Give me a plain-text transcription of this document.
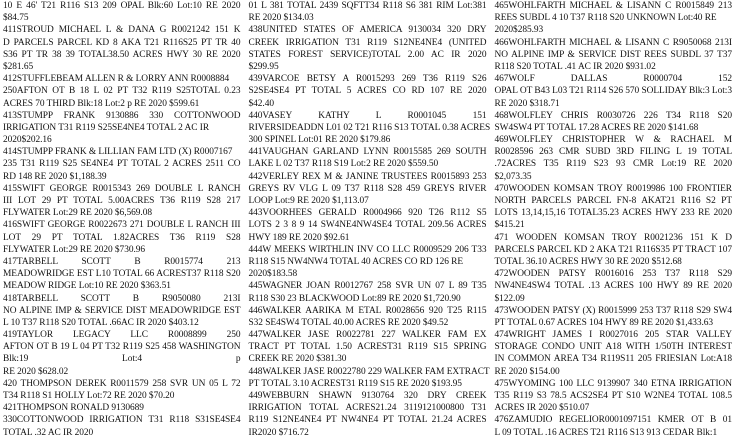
10 E 46' T21 R116 S13 209 OPAL Blk:60 Lot:10 RE 2020
$84.75
411STROUD MICHAEL L & DANA G R0021242 151 K
D PARCELS PARCEL KD 8 AKA T21 R116S25 PT TR 40
S36 PT TR 38 39 TOTAL38.50 ACRES HWY 30 RE 2020
$281.65
412STUFFLEBEAM ALLEN R & LORRY ANN R0008884
250AFTON OT B 18 L 02 PT T32 R119 S25TOTAL 0.23
ACRES 70 THIRD Blk:18 Lot:2 p RE 2020 $599.61
413STUMPP FRANK 9130886 330 COTTONWOOD
IRRIGATION T31 R119 S25SE4NE4 TOTAL 2 AC IR
2020$202.16
414STUMPP FRANK & LILLIAN FAM LTD (X) R0007167
235 T31 R119 S25 SE4NE4 PT TOTAL 2 ACRES 2511 CO
RD 148 RE 2020 $1,188.39
415SWIFT GEORGE R0015343 269 DOUBLE L RANCH
III LOT 29 PT TOTAL 5.00ACRES T36 R119 S28 217
FLYWATER Lot:29 RE 2020 $6,569.08
416SWIFT GEORGE R0022673 271 DOUBLE L RANCH III
LOT 29 PT TOTAL 1.82ACRES T36 R119 S28
FLYWATER Lot:29 RE 2020 $730.96
417TARBELL SCOTT B R0015774 213
MEADOWRIDGE EST L10 TOTAL 66 ACREST37 R118 S20
MEADOW RIDGE Lot:10 RE 2020 $363.51
418TARBELL SCOTT B R9050080 213I
NO ALPINE IMP & SERVICE DIST MEADOWRIDGE EST
L 10 T37 R118 S20 TOTAL .66AC IR 2020 $403.12
419TAYLOR LEGACY LLC R0008899 250
AFTON OT B 19 L 04 PT T32 R119 S25 458 WASHINGTON
Blk:19 Lot:4 p
RE 2020 $628.02
420 THOMPSON DEREK R0011579 258 SVR UN 05 L 72
T34 R118 S1 HOLLY Lot:72 RE 2020 $70.20
421THOMPSON RONALD 9130689
330COTTONWOOD IRRIGATION T31 R118 S31SE4SE4
TOTAL .32 AC IR 2020
01 L 381 TOTAL 2439 SQFTT34 R118 S6 381 RIM Lot:381
RE 2020 $134.03
438UNITED STATES OF AMERICA 9130034 320 DRY
CREEK IRRIGATION T31 R119 S12NE4NE4 (UNITED
STATES FOREST SERVICE)TOTAL 2.00 AC IR 2020
$299.95
439VARCOE BETSY A R0015293 269 T36 R119 S26
S2SE4SE4 PT TOTAL 5 ACRES CO RD 107 RE 2020
$42.40
440VASEY KATHY L R0001045 151
RIVERSIDEADDN L01 02 T21 R116 S13 TOTAL 0.38 ACRES
300 SPINEL Lot:01 RE 2020 $179.86
441VAUGHAN GARLAND LYNN R0015585 269 SOUTH
LAKE L 02 T37 R118 S19 Lot:2 RE 2020 $559.50
442VERLEY REX M & JANINE TRUSTEES R0015893 253
GREYS RV VLG L 09 T37 R118 S28 459 GREYS RIVER
LOOP Lot:9 RE 2020 $1,113.07
443VOORHEES GERALD R0004966 920 T26 R112 S5
LOTS 2 3 8 9 14 SW4NE4NW4SE4 TOTAL 209.56 ACRES
HWY 189 RE 2020 $92.61
444W MEEKS WIRTHLIN INV CO LLC R0009529 206 T33
R118 S15 NW4NW4 TOTAL 40 ACRES CO RD 126 RE
2020$183.58
445WAGNER JOAN R0012767 258 SVR UN 07 L 89 T35
R118 S30 23 BLACKWOOD Lot:89 RE 2020 $1,720.90
446WALKER AARIKA M ETAL R0028656 920 T25 R115
S32 SE4SW4 TOTAL 40.00 ACRES RE 2020 $49.52
447WALKER JASE R0022781 227 WALKER FAM EX
TRACT PT TOTAL 1.50 ACREST31 R119 S15 SPRING
CREEK RE 2020 $381.30
448WALKER JASE R0022780 229 WALKER FAM EXTRACT
PT TOTAL 3.10 ACREST31 R119 S15 RE 2020 $193.95
449WEBBURN SHAWN 9130764 320 DRY CREEK
IRRIGATION TOTAL ACRES21.24 3119121000800 T31
R119 S12NE4NE4 PT NW4NE4 PT TOTAL 21.24 ACRES
IR2020 $716.72
465WOHLFARTH MICHAEL & LISANN C R0015849 213
REES SUBDL 4 10 T37 R118 S20 UNKNOWN Lot:40 RE
2020$285.93
466WOHLFARTH MICHAEL & LISANN C R9050068 213I
NO ALPINE IMP & SERVICE DIST REES SUBDL 37 T37
R118 S20 TOTAL .41 AC IR 2020 $931.02
467WOLF DALLAS R0000704 152
OPAL OT B43 L03 T21 R114 S26 570 SOLLIDAY Blk:3 Lot:3
RE 2020 $318.71
468WOLFLEY CHRIS R0030726 226 T34 R118 S20
SW4SW4 PT TOTAL 17.28 ACRES RE 2020 $141.68
469WOLFLEY CHRISTOPHER W & RACHAEL M
R0028596 263 CMR SUBD 3RD FILING L 19 TOTAL
.72ACRES T35 R119 S23 93 CMR Lot:19 RE 2020
$2,073.35
470WOODEN KOMSAN TROY R0019986 100 FRONTIER
NORTH PARCELS PARCEL FN-8 AKAT21 R116 S2 PT
LOTS 13,14,15,16 TOTAL35.23 ACRES HWY 233 RE 2020
$415.21
471 WOODEN KOMSAN TROY R0021236 151 K D
PARCELS PARCEL KD 2 AKA T21 R116S35 PT TRACT 107
TOTAL 36.10 ACRES HWY 30 RE 2020 $512.68
472WOODEN PATSY R0016016 253 T37 R118 S29
NW4NE4SW4 TOTAL .13 ACRES 100 HWY 89 RE 2020
$122.09
473WOODEN PATSY (X) R0015999 253 T37 R118 S29 SW4
PT TOTAL 0.67 ACRES 104 HWY 89 RE 2020 $1,433.63
474WRIGHT JAMES I R0027016 205 STAR VALLEY
STORAGE CONDO UNIT A18 WITH 1/50TH INTEREST
IN COMMON AREA T34 R119S11 205 FRIESIAN Lot:A18
RE 2020 $154.00
475WYOMING 100 LLC 9139907 340 ETNA IRRIGATION
T35 R119 S3 78.5 ACS2SE4 PT S10 W2NE4 TOTAL 108.5
ACRES IR 2020 $510.07
476ZAMUDIO REGELIOR0001097151 KMER OT B 01
L 09 TOTAL .16 ACRES T21 R116 S13 913 CEDAR Blk:1
